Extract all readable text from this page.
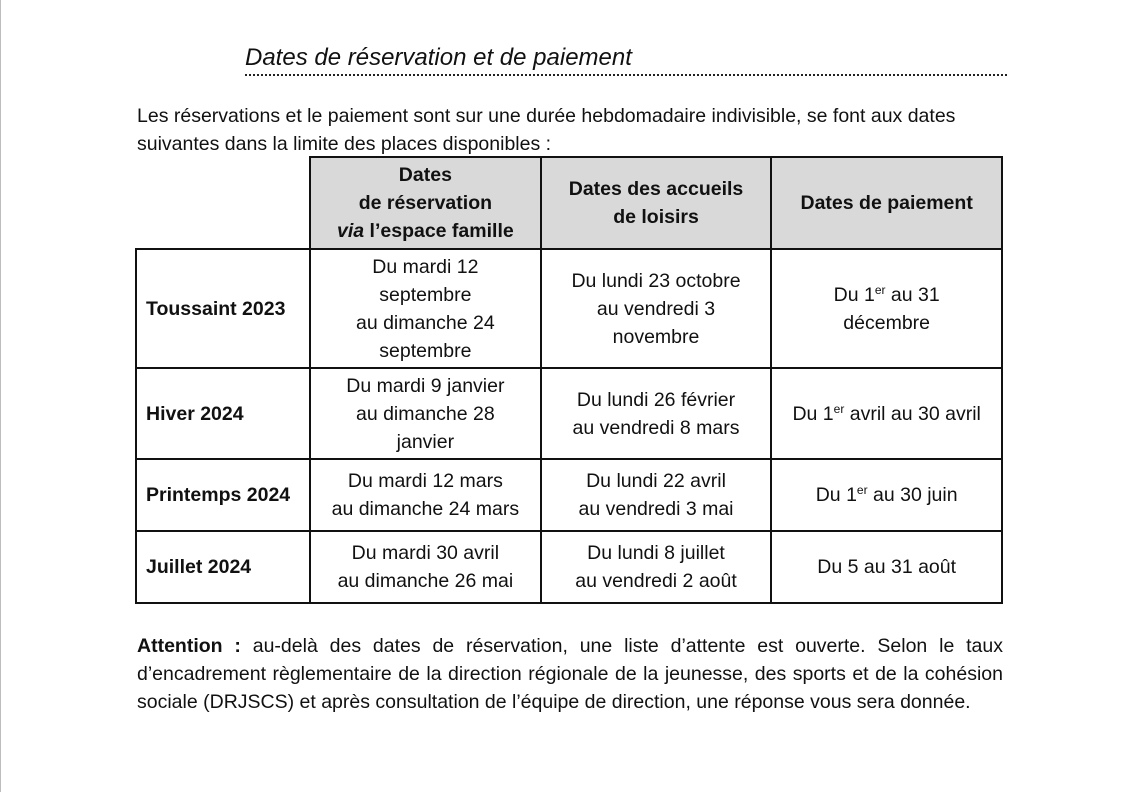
Dates de réservation et de paiement

Les réservations et le paiement sont sur une durée hebdomadaire indivisible, se font aux dates suivantes dans la limite des places disponibles :

	Dates
de réservation
via l’espace famille	Dates des accueils
de loisirs	Dates de paiement
Toussaint 2023	Du mardi 12
septembre
au dimanche 24
septembre	Du lundi 23 octobre
au vendredi 3
novembre	Du 1er au 31
décembre

Hiver 2024	Du mardi 9 janvier
au dimanche 28
janvier	Du lundi 26 février
au vendredi 8 mars	Du 1er avril au 30 avril

Printemps 2024	Du mardi 12 mars
au dimanche 24 mars	Du lundi 22 avril
au vendredi 3 mai	Du 1er au 30 juin

Juillet 2024	Du mardi 30 avril
au dimanche 26 mai	Du lundi 8 juillet
au vendredi 2 août	Du 5 au 31 août

Attention : au-delà des dates de réservation, une liste d’attente est ouverte. Selon le taux d’encadrement règlementaire de la direction régionale de la jeunesse, des sports et de la cohésion sociale (DRJSCS) et après consultation de l’équipe de direction, une réponse vous sera donnée.
